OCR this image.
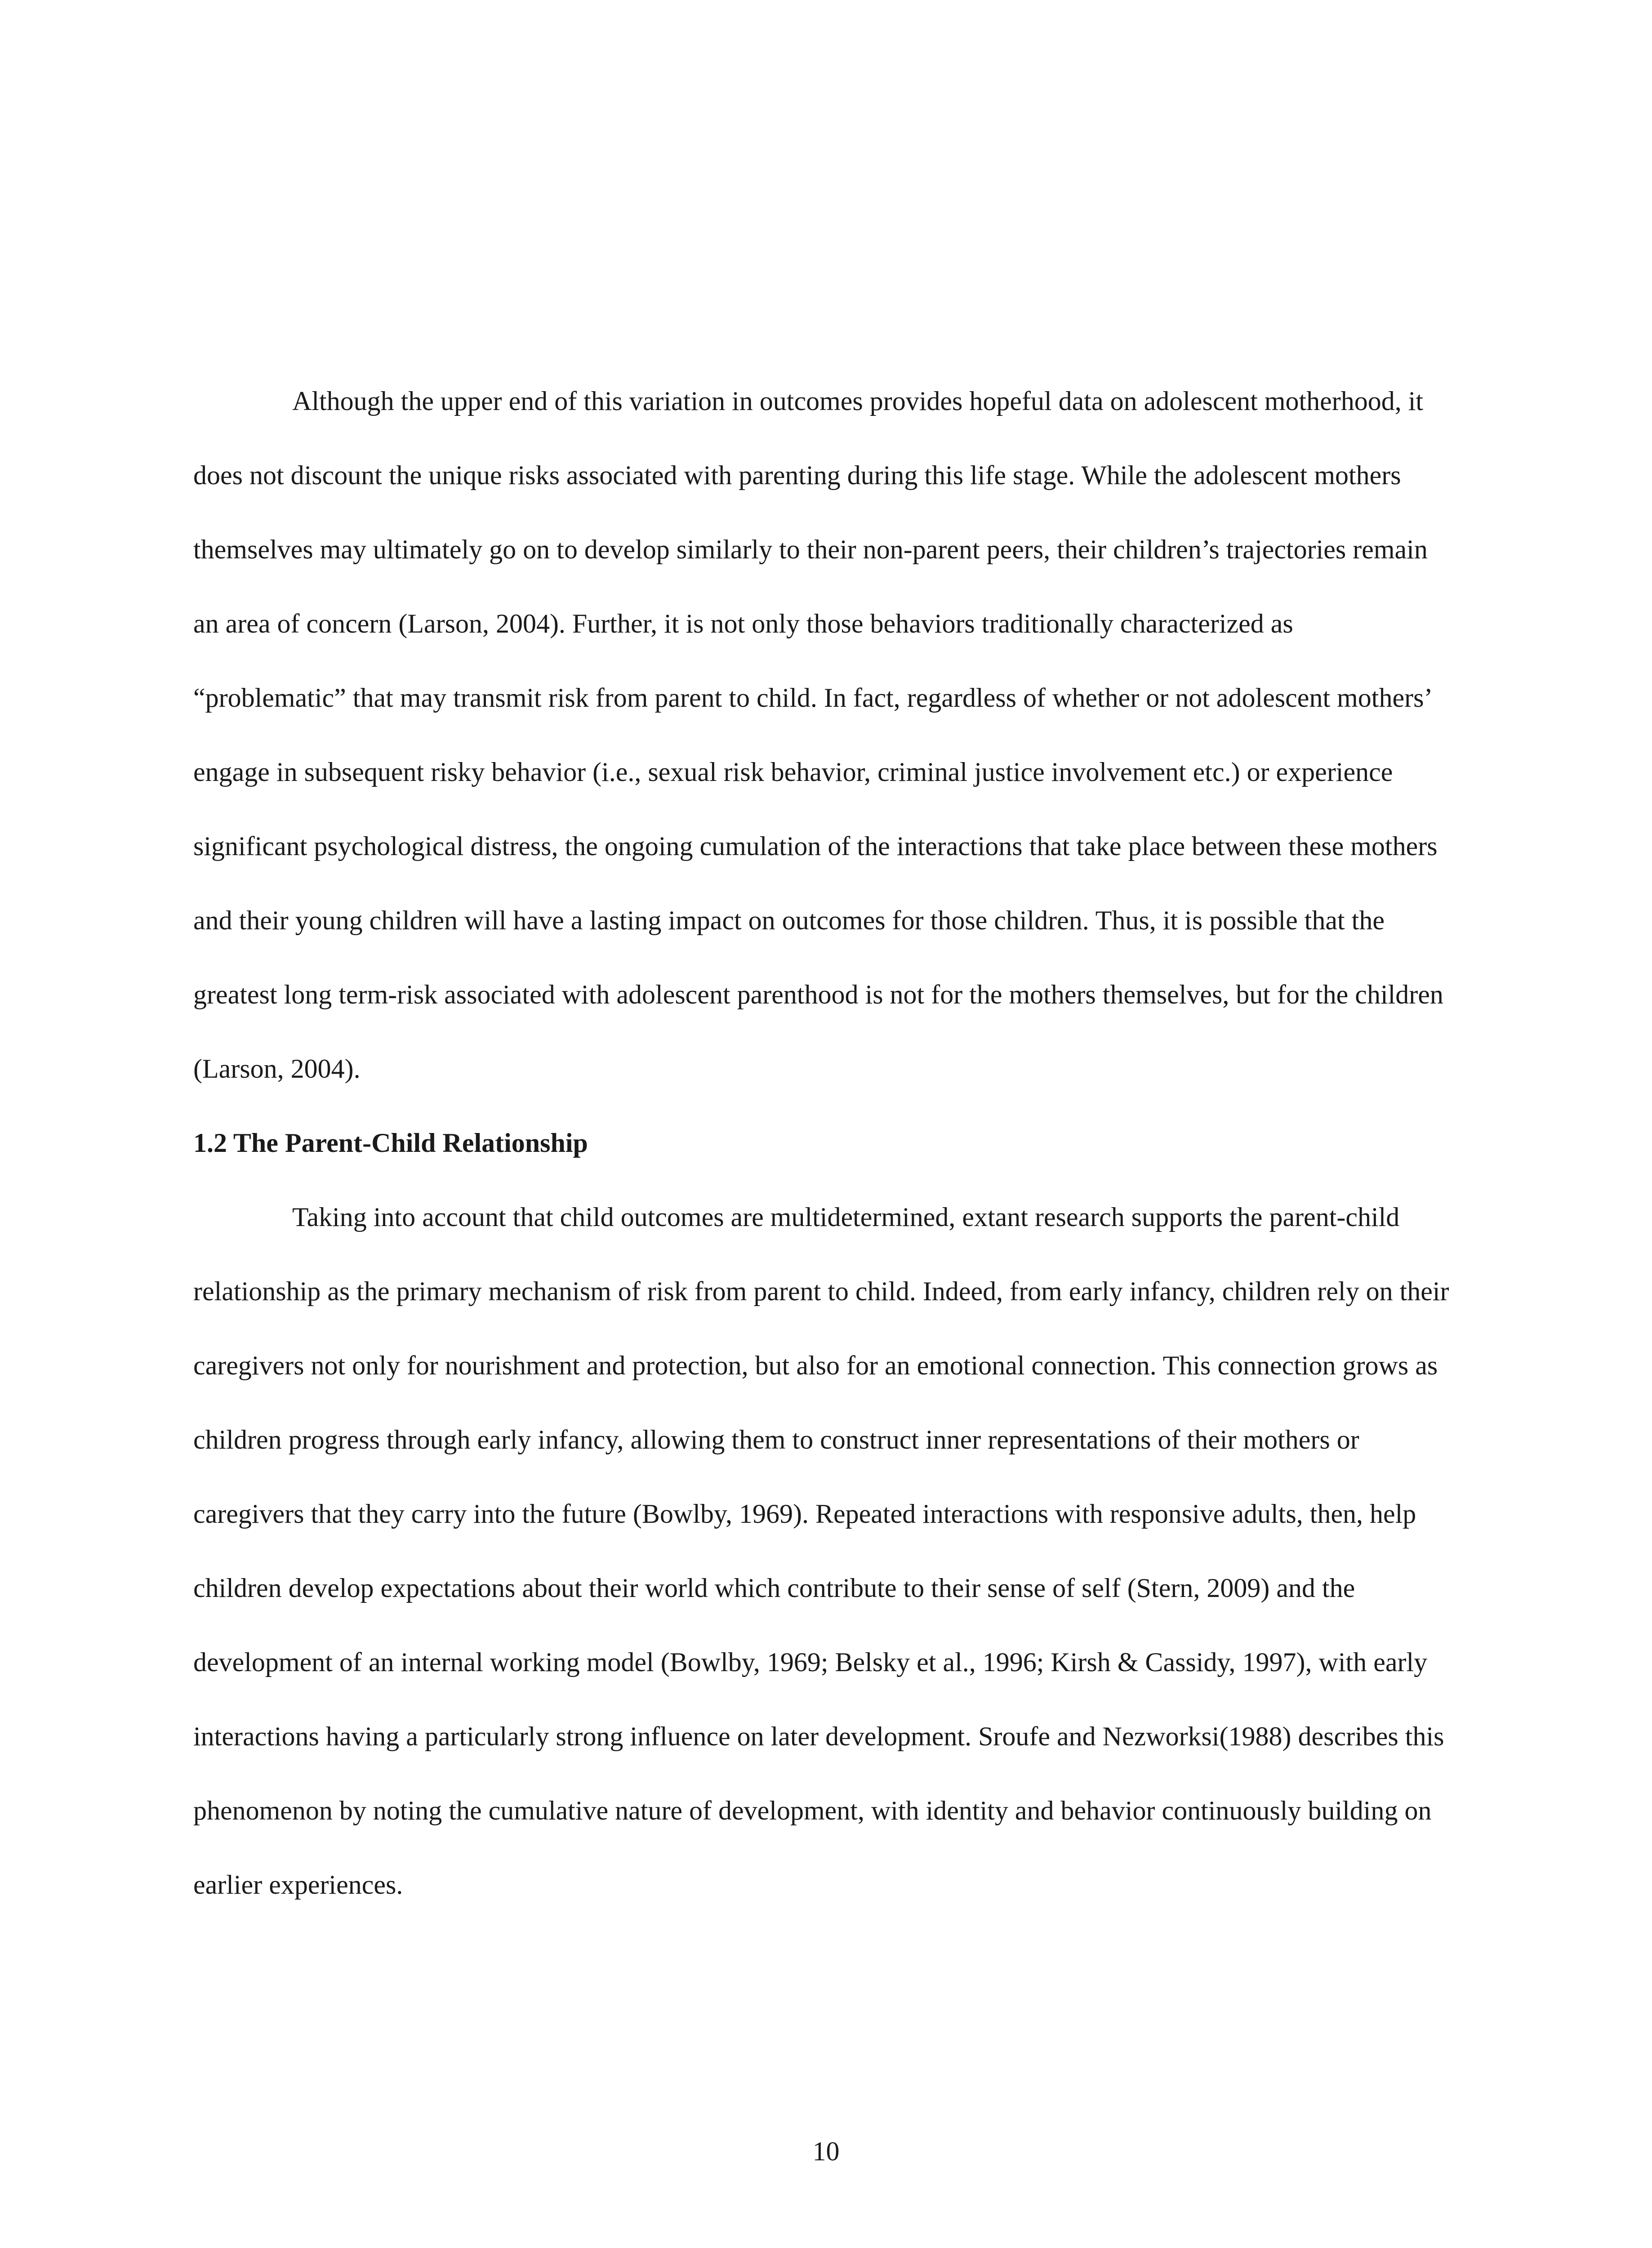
Although the upper end of this variation in outcomes provides hopeful data on adolescent motherhood, it does not discount the unique risks associated with parenting during this life stage. While the adolescent mothers themselves may ultimately go on to develop similarly to their non-parent peers, their children’s trajectories remain an area of concern (Larson, 2004). Further, it is not only those behaviors traditionally characterized as “problematic” that may transmit risk from parent to child. In fact, regardless of whether or not adolescent mothers’ engage in subsequent risky behavior (i.e., sexual risk behavior, criminal justice involvement etc.) or experience significant psychological distress, the ongoing cumulation of the interactions that take place between these mothers and their young children will have a lasting impact on outcomes for those children. Thus, it is possible that the greatest long term-risk associated with adolescent parenthood is not for the mothers themselves, but for the children (Larson, 2004).

1.2 The Parent-Child Relationship

Taking into account that child outcomes are multidetermined, extant research supports the parent-child relationship as the primary mechanism of risk from parent to child. Indeed, from early infancy, children rely on their caregivers not only for nourishment and protection, but also for an emotional connection. This connection grows as children progress through early infancy, allowing them to construct inner representations of their mothers or caregivers that they carry into the future (Bowlby, 1969). Repeated interactions with responsive adults, then, help children develop expectations about their world which contribute to their sense of self (Stern, 2009) and the development of an internal working model (Bowlby, 1969; Belsky et al., 1996; Kirsh & Cassidy, 1997), with early interactions having a particularly strong influence on later development. Sroufe and Nezworksi(1988) describes this phenomenon by noting the cumulative nature of development, with identity and behavior continuously building on earlier experiences.

10
